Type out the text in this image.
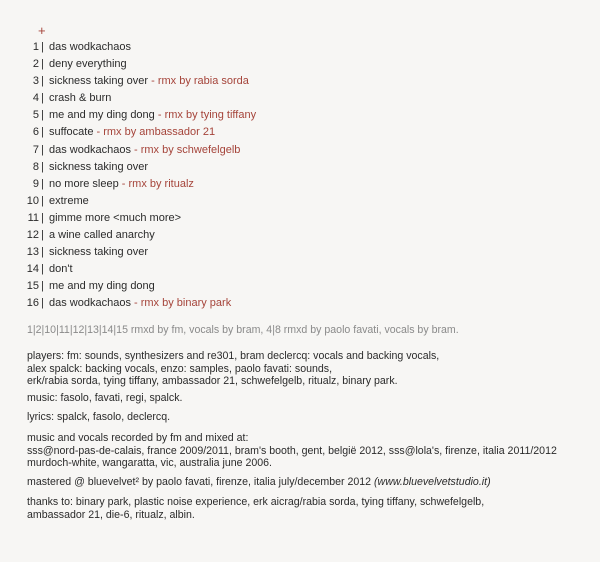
+
1 | das wodkachaos
2 | deny everything
3 | sickness taking over - rmx by rabia sorda
4 | crash & burn
5 | me and my ding dong - rmx by tying tiffany
6 | suffocate - rmx by ambassador 21
7 | das wodkachaos - rmx by schwefelgelb
8 | sickness taking over
9 | no more sleep - rmx by ritualz
10 | extreme
11 | gimme more <much more>
12 | a wine called anarchy
13 | sickness taking over
14 | don't
15 | me and my ding dong
16 | das wodkachaos - rmx by binary park
1|2|10|11|12|13|14|15 rmxd by fm, vocals by bram, 4|8 rmxd by paolo favati, vocals by bram.
players: fm: sounds, synthesizers and re301, bram declercq: vocals and backing vocals,
alex spalck: backing vocals, enzo: samples, paolo favati: sounds,
erk/rabia sorda, tying tiffany, ambassador 21, schwefelgelb, ritualz, binary park.
music: fasolo, favati, regi, spalck.
lyrics: spalck, fasolo, declercq.
music and vocals recorded by fm and mixed at:
sss@nord-pas-de-calais, france 2009/2011, bram's booth, gent, belgië 2012, sss@lola's, firenze, italia 2011/2012
murdoch-white, wangaratta, vic, australia june 2006.
mastered @ bluevelvet² by paolo favati, firenze, italia july/december 2012 (www.bluevelvetstudio.it)
thanks to: binary park, plastic noise experience, erk aicrag/rabia sorda, tying tiffany, schwefelgelb,
ambassador 21, die-6, ritualz, albin.
